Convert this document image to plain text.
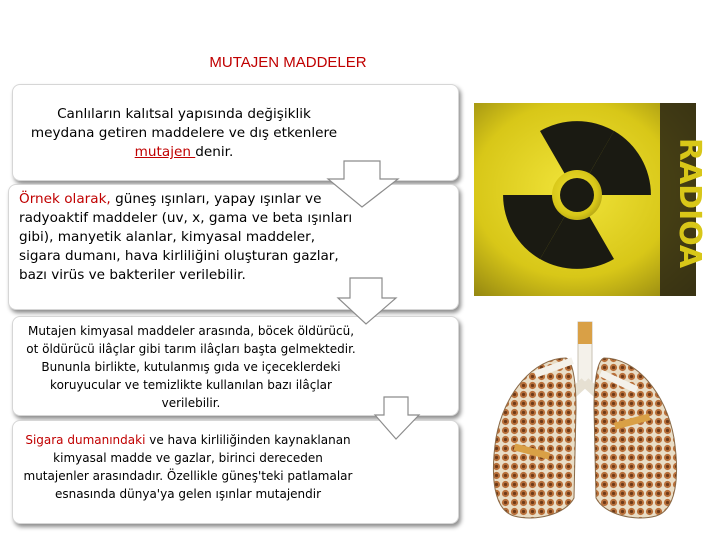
MUTAJEN MADDELER

Canlıların kalıtsal yapısında değişiklik meydana getiren maddelere ve dış etkenlere mutajen denir.

Örnek olarak, güneş ışınları, yapay ışınlar ve radyoaktif maddeler (uv, x, gama ve beta ışınları gibi), manyetik alanlar, kimyasal maddeler, sigara dumanı, hava kirliliğini oluşturan gazlar, bazı virüs ve bakteriler verilebilir.

Mutajen kimyasal maddeler arasında, böcek öldürücü, ot öldürücü ilâçlar gibi tarım ilâçları başta gelmektedir. Bununla birlikte, kutulanmış gıda ve içeceklerdeki koruyucular ve temizlikte kullanılan bazı ilâçlar verilebilir.

Sigara dumanındaki ve hava kirliliğinden kaynaklanan kimyasal madde ve gazlar, birinci dereceden mutajenler arasındadır. Özellikle güneş'teki patlamalar esnasında dünya'ya gelen ışınlar mutajendir

RADIOA
